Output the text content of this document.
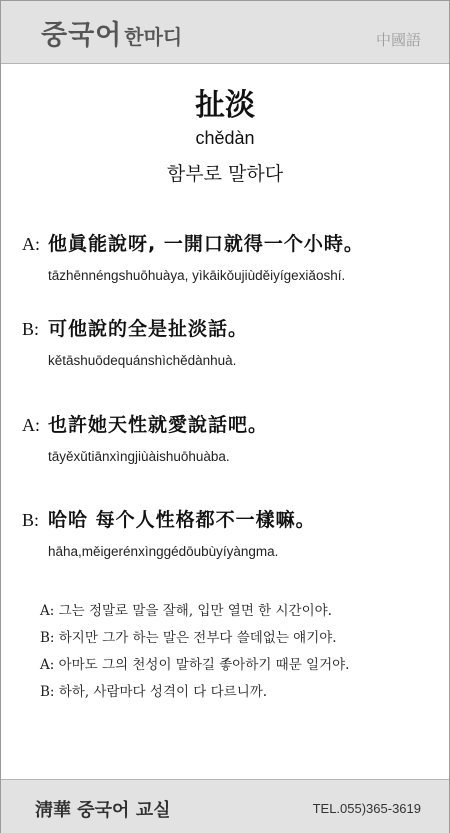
중국어 한마디	中國語
扯淡
chědàn
함부로 말하다
A: 他眞能說呀, 一開口就得一个小時。
tāzhēnnéngshuōhuàya, yìkāikǒujiùděiyígexiǎoshí.
B: 可他說的全是扯淡話。
kětāshuōdequánshìchědànhuà.
A: 也許她天性就愛說話吧。
tāyěxǔtiānxìngjiùàishuōhuàba.
B: 哈哈 每个人性格都不一樣嘛。
hāha,měigerénxìnggédōubùyíyàngma.
A: 그는 정말로 말을 잘해, 입만 열면 한 시간이야.
B: 하지만 그가 하는 말은 전부다 쓸데없는 얘기야.
A: 아마도 그의 천성이 말하길 좋아하기 때문 일거야.
B: 하하, 사람마다 성격이 다 다르니까.
淸華 중국어 교실	TEL.055)365-3619
